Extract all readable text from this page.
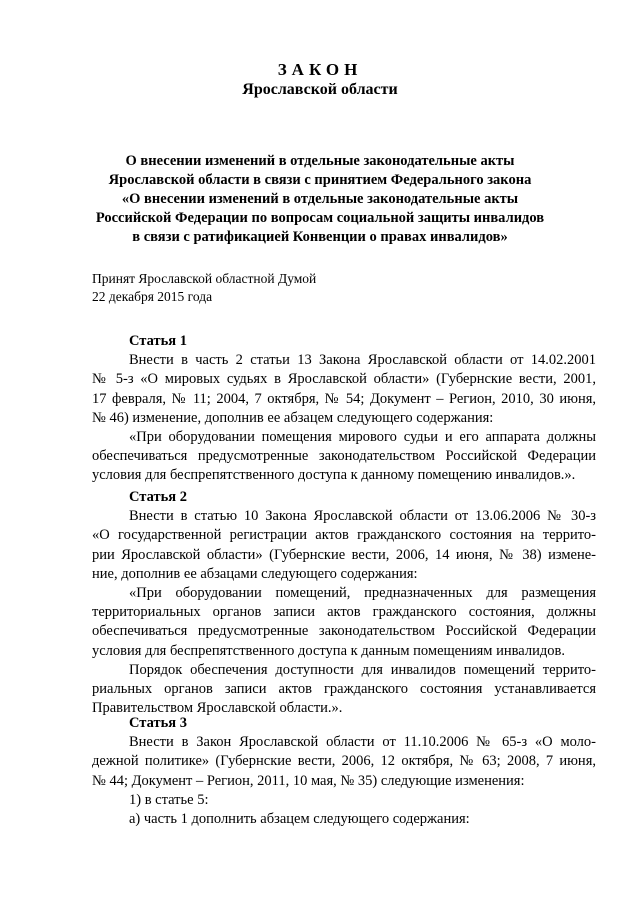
ЗАКОН
Ярославской области
О внесении изменений в отдельные законодательные акты
Ярославской области в связи с принятием Федерального закона
«О внесении изменений в отдельные законодательные акты
Российской Федерации по вопросам социальной защиты инвалидов
в связи с ратификацией Конвенции о правах инвалидов»
Принят Ярославской областной Думой
22 декабря 2015 года
Статья 1
Внести в часть 2 статьи 13 Закона Ярославской области от 14.02.2001
№ 5-з «О мировых судьях в Ярославской области» (Губернские вести, 2001,
17 февраля, № 11; 2004, 7 октября, № 54; Документ – Регион, 2010, 30 июня,
№ 46) изменение, дополнив ее абзацем следующего содержания:
«При оборудовании помещения мирового судьи и его аппарата должны
обеспечиваться предусмотренные законодательством Российской Федерации
условия для беспрепятственного доступа к данному помещению инвалидов.».
Статья 2
Внести в статью 10 Закона Ярославской области от 13.06.2006 № 30-з
«О государственной регистрации актов гражданского состояния на террито-
рии Ярославской области» (Губернские вести, 2006, 14 июня, № 38) измене-
ние, дополнив ее абзацами следующего содержания:
«При оборудовании помещений, предназначенных для размещения
территориальных органов записи актов гражданского состояния, должны
обеспечиваться предусмотренные законодательством Российской Федерации
условия для беспрепятственного доступа к данным помещениям инвалидов.
Порядок обеспечения доступности для инвалидов помещений террито-
риальных органов записи актов гражданского состояния устанавливается
Правительством Ярославской области.».
Статья 3
Внести в Закон Ярославской области от 11.10.2006 № 65-з «О моло-
дежной политике» (Губернские вести, 2006, 12 октября, № 63; 2008, 7 июня,
№ 44; Документ – Регион, 2011, 10 мая, № 35) следующие изменения:
1) в статье 5:
а) часть 1 дополнить абзацем следующего содержания:
